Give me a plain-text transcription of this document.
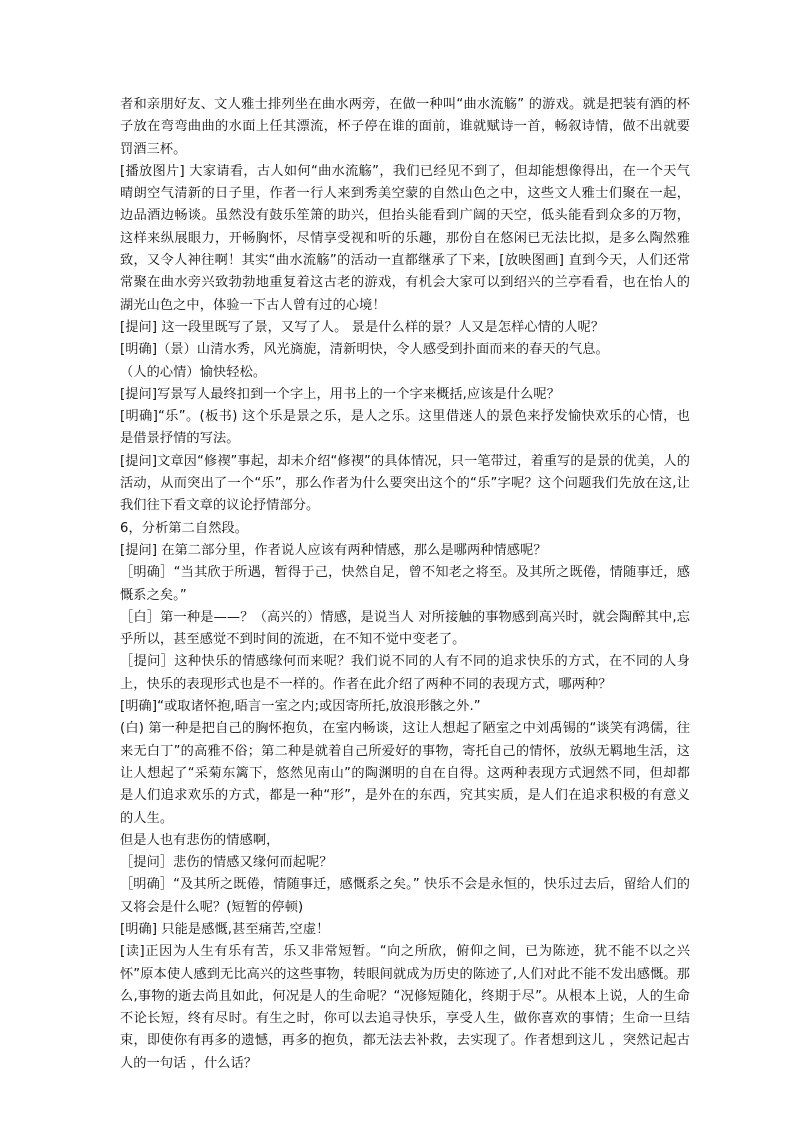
者和亲朋好友、文人雅士排列坐在曲水两旁，在做一种叫“曲水流觞” 的游戏。就是把装有酒的杯子放在弯弯曲曲的水面上任其漂流，杯子停在谁的面前，谁就赋诗一首，畅叙诗情，做不出就要罚酒三杯。

[播放图片] 大家请看，古人如何“曲水流觞”，我们已经见不到了，但却能想像得出，在一个天气晴朗空气清新的日子里，作者一行人来到秀美空蒙的自然山色之中，这些文人雅士们聚在一起，边品酒边畅谈。虽然没有鼓乐笙箫的助兴，但抬头能看到广阔的天空，低头能看到众多的万物，这样来纵展眼力，开畅胸怀，尽情享受视和听的乐趣，那份自在悠闲已无法比拟，是多么陶然雅致，又令人神往啊！其实“曲水流觞”的活动一直都继承了下来，[放映图画] 直到今天，人们还常常聚在曲水旁兴致勃勃地重复着这古老的游戏，有机会大家可以到绍兴的兰亭看看，也在怡人的湖光山色之中，体验一下古人曾有过的心境！

[提问] 这一段里既写了景，又写了人。 景是什么样的景？人又是怎样心情的人呢？

[明确]（景）山清水秀，风光旖旎，清新明快，令人感受到扑面而来的春天的气息。

（人的心情）愉快轻松。

[提问]写景写人最终扣到一个字上，用书上的一个字来概括,应该是什么呢？

[明确]“乐”。(板书) 这个乐是景之乐，是人之乐。这里借迷人的景色来抒发愉快欢乐的心情，也是借景抒情的写法。

[提问]文章因“修禊”事起，却未介绍“修禊”的具体情况，只一笔带过，着重写的是景的优美，人的活动，从而突出了一个“乐”，那么作者为什么要突出这个的“乐”字呢？这个问题我们先放在这,让我们往下看文章的议论抒情部分。

6，分析第二自然段。

[提问] 在第二部分里，作者说人应该有两种情感，那么是哪两种情感呢？

［明确］“当其欣于所遇，暂得于己，快然自足，曾不知老之将至。及其所之既倦，情随事迁，感慨系之矣。”

［白］第一种是——？（高兴的）情感，是说当人 对所接触的事物感到高兴时，就会陶醉其中,忘乎所以，甚至感觉不到时间的流逝，在不知不觉中变老了。

［提问］这种快乐的情感缘何而来呢？我们说不同的人有不同的追求快乐的方式，在不同的人身上，快乐的表现形式也是不一样的。作者在此介绍了两种不同的表现方式，哪两种？

[明确]“或取诸怀抱,晤言一室之内;或因寄所托,放浪形骸之外.”

(白) 第一种是把自己的胸怀抱负，在室内畅谈，这让人想起了陋室之中刘禹锡的“谈笑有鸿儒，往来无白丁”的高雅不俗；第二种是就着自己所爱好的事物，寄托自己的情怀，放纵无羁地生活，这让人想起了“采菊东篱下，悠然见南山”的陶渊明的自在自得。这两种表现方式迥然不同，但却都是人们追求欢乐的方式，都是一种“形”，是外在的东西，究其实质，是人们在追求积极的有意义的人生。

但是人也有悲伤的情感啊，

［提问］悲伤的情感又缘何而起呢？

［明确］“及其所之既倦，情随事迁，感慨系之矣。” 快乐不会是永恒的，快乐过去后，留给人们的又将会是什么呢？(短暂的停顿)

[明确] 只能是感慨,甚至痛苦,空虚！

[读]正因为人生有乐有苦，乐又非常短暂。“向之所欣，俯仰之间，已为陈迹，犹不能不以之兴怀”原本使人感到无比高兴的这些事物，转眼间就成为历史的陈迹了,人们对此不能不发出感慨。那么,事物的逝去尚且如此，何况是人的生命呢？“况修短随化，终期于尽”。从根本上说，人的生命不论长短，终有尽时。有生之时，你可以去追寻快乐，享受人生，做你喜欢的事情；生命一旦结束，即使你有再多的遗憾，再多的抱负，都无法去补救，去实现了。作者想到这儿 ，突然记起古人的一句话 ，什么话？
